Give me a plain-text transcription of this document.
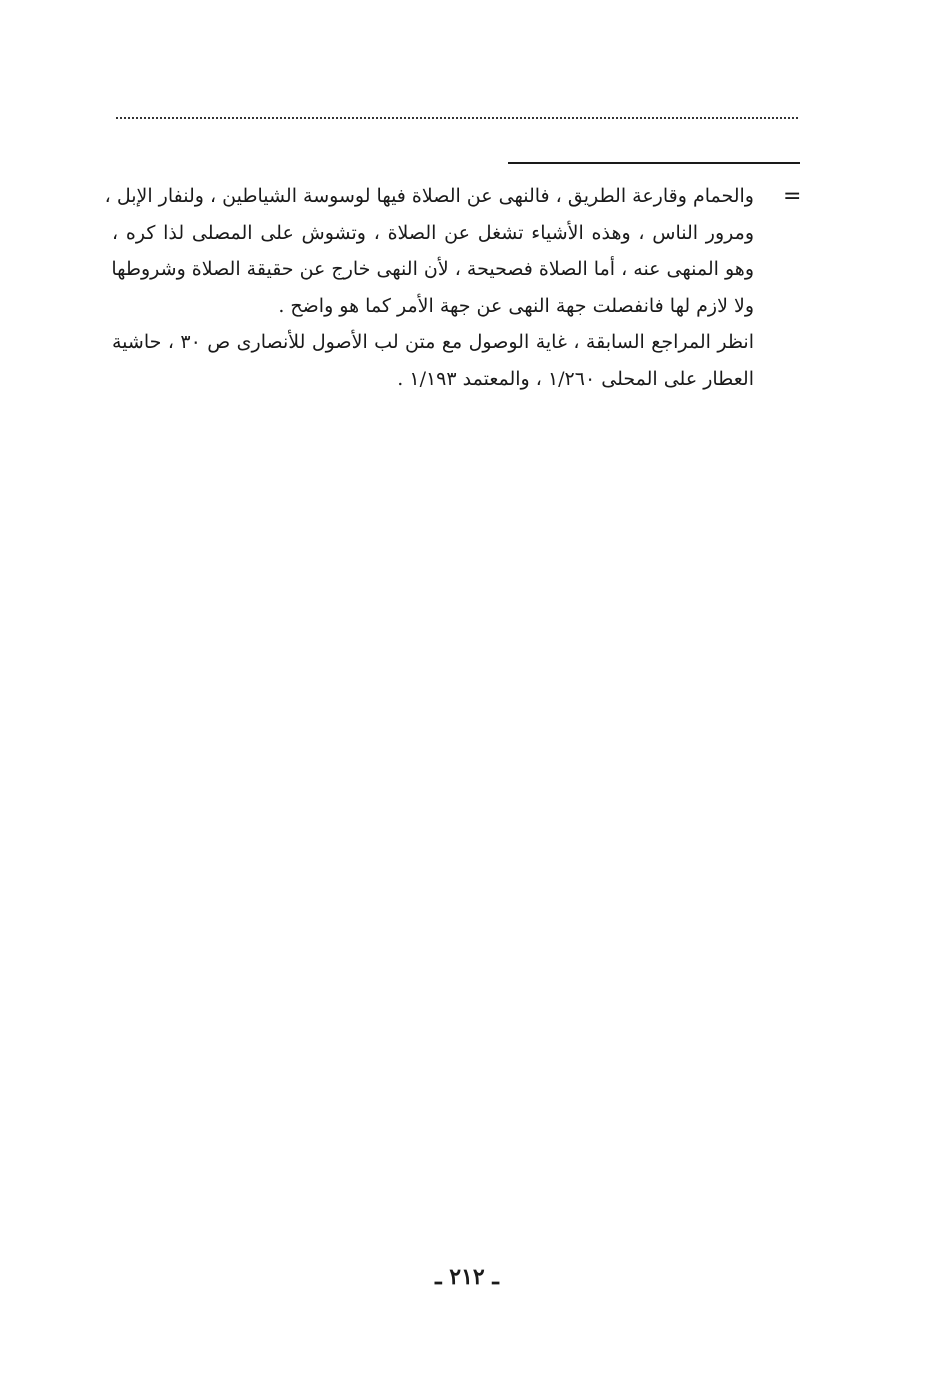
=
والحمام وقارعة الطريق ، فالنهى عن الصلاة فيها لوسوسة الشياطين ، ولنفار الإبل ،
ومرور الناس ، وهذه الأشياء تشغل عن الصلاة ، وتشوش على المصلى لذا كره ،
وهو المنهى عنه ، أما الصلاة فصحيحة ، لأن النهى خارج عن حقيقة الصلاة وشروطها
ولا لازم لها فانفصلت جهة النهى عن جهة الأمر كما هو واضح .
انظر المراجع السابقة ، غاية الوصول مع متن لب الأصول للأنصارى ص ٣٠ ، حاشية
العطار على المحلى ١/٢٦٠ ، والمعتمد ١/١٩٣ .
ـ ٢١٢ ـ
